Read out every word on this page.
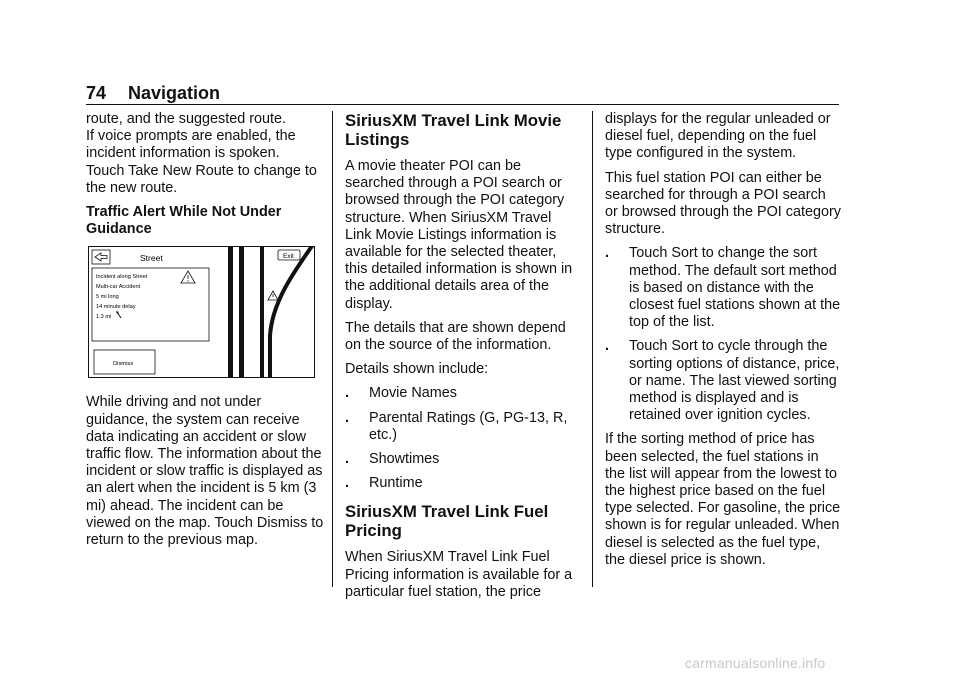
74 Navigation

route, and the suggested route.

If voice prompts are enabled, the incident information is spoken.

Touch Take New Route to change to the new route.

Traffic Alert While Not Under Guidance
Street
Incident along Street
Multi-car Accident
5 mi long
14 minute delay
1.3 mi
Dismiss
Exit

While driving and not under guidance, the system can receive data indicating an accident or slow traffic flow. The information about the incident or slow traffic is displayed as an alert when the incident is 5 km (3 mi) ahead. The incident can be viewed on the map. Touch Dismiss to return to the previous map.

SiriusXM Travel Link Movie Listings

A movie theater POI can be searched through a POI search or browsed through the POI category structure. When SiriusXM Travel Link Movie Listings information is available for the selected theater, this detailed information is shown in the additional details area of the display.

The details that are shown depend on the source of the information.

Details shown include:

.	Movie Names
.	Parental Ratings (G, PG-13, R, etc.)
.	Showtimes
.	Runtime
SiriusXM Travel Link Fuel Pricing

When SiriusXM Travel Link Fuel Pricing information is available for a particular fuel station, the price

displays for the regular unleaded or diesel fuel, depending on the fuel type configured in the system.

This fuel station POI can either be searched for through a POI search or browsed through the POI category structure.

.	Touch Sort to change the sort method. The default sort method is based on distance with the closest fuel stations shown at the top of the list.
.	Touch Sort to cycle through the sorting options of distance, price, or name. The last viewed sorting method is displayed and is retained over ignition cycles.

If the sorting method of price has been selected, the fuel stations in the list will appear from the lowest to the highest price based on the fuel type selected. For gasoline, the price shown is for regular unleaded. When diesel is selected as the fuel type, the diesel price is shown.

carmanualsonline.info
